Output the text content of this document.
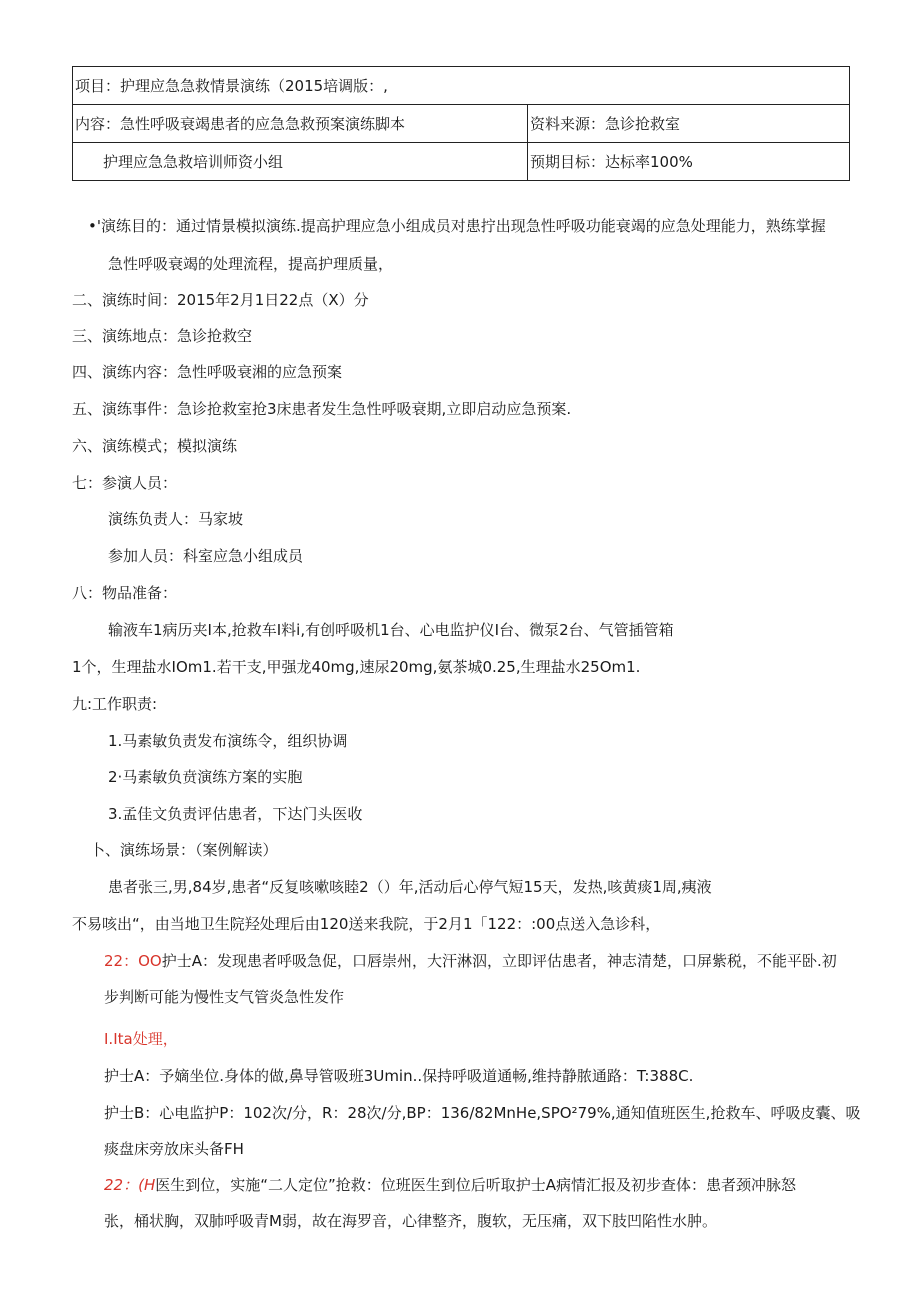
项目：护理应急急救情景演练（2015培调版：,	
内容：急性呼吸衰竭患者的应急急救预案演练脚本	资料来源：急诊抢救室
护理应急急救培训师资小组	预期目标：达标率100%
•'演练目的：通过情景模拟演练.提高护理应急小组成员对患拧出现急性呼吸功能衰竭的应急处理能力，熟练掌握
急性呼吸衰竭的处理流程，提高护理质量，
二、演练时间：2015年2月1日22点（X）分
三、演练地点：急诊抢救空
四、演练内容：急性呼吸衰湘的应急预案
五、演练事件：急诊抢救室抢3床患者发生急性呼吸衰期,立即启动应急预案.
六、演练模式；模拟演练
七：参演人员：
演练负责人：马家坡
参加人员：科室应急小组成员
八：物品准备：
输液车1病历夹I本,抢救车I料i,有创呼吸机1台、心电监护仪I台、微泵2台、气管插管箱
1个，生理盐水IOm1.若干支,甲强龙40mg,速尿20mg,氨茶城0.25,生理盐水25Om1.
九:工作职责:
1.马素敏负责发布演练令，组织协调
2·马素敏负贲演练方案的实胞
3.孟佳文负责评估患者，下达门头医收
卜、演练场景：（案例解读）
患者张三,男,84岁,患者“反复咳嗽咳睦2（）年,活动后心停气短15天，发热,咳黄痰1周,痍液
不易咳出“，由当地卫生院羟处理后由120送来我院，于2月1「122：:00点送入急诊科，
22：OO护士A：发现患者呼吸急促，口唇崇州，大汗淋泅，立即评估患者，神志清楚，口屏紫税，不能平卧.初
步判断可能为慢性支气管炎急性发作
I.Ita处理，
护士A：予嫡坐位.身体的做,鼻导管吸班3Umin..保持呼吸道通畅,维持静脓通路：T:388C.
护士B：心电监护P：102次/分，R：28次/分,BP：136/82MnHe,SPO²79%,通知值班医生,抢救车、呼吸皮囊、吸
痰盘床旁放床头备FH
22：(H医生到位，实施“二人定位”抢救：位班医生到位后听取护士A病情汇报及初步查体：患者颈冲脉怒
张，桶状胸，双肺呼吸青M弱，故在海罗音，心律整齐，腹软，无压痛，双下肢凹陷性水肿。
